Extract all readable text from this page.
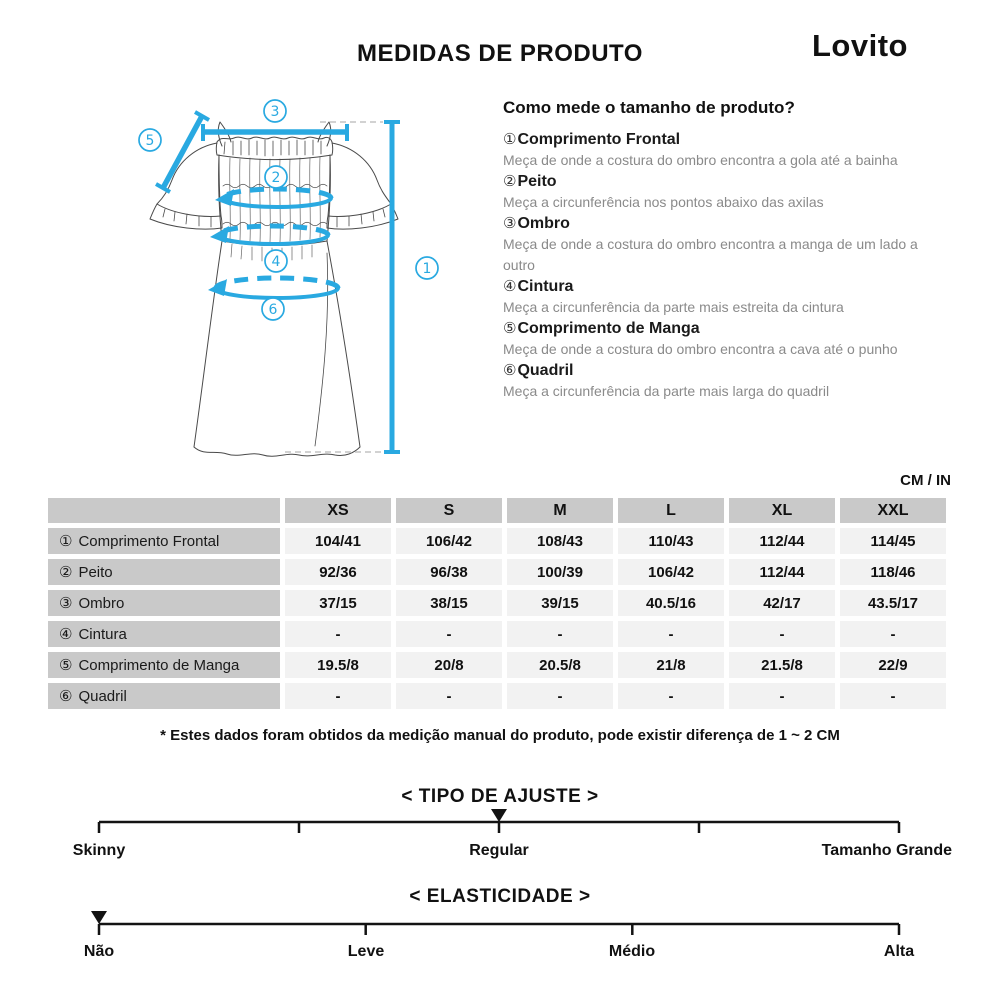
MEDIDAS DE PRODUTO	Lovito
3
5
2
4
6
1
Como mede o tamanho de produto?
①Comprimento Frontal
Meça de onde a costura do ombro encontra a gola até a bainha
②Peito
Meça a circunferência nos pontos abaixo das axilas
③Ombro
Meça de onde a costura do ombro encontra a manga de um lado a outro
④Cintura
Meça a circunferência da parte mais estreita da cintura
⑤Comprimento de Manga
Meça de onde a costura do ombro encontra a cava até o punho
⑥Quadril
Meça a circunferência da parte mais larga do quadril
CM / IN
	XS	S	M	L	XL	XXL
① Comprimento Frontal	104/41	106/42	108/43	110/43	112/44	114/45
② Peito	92/36	96/38	100/39	106/42	112/44	118/46
③ Ombro	37/15	38/15	39/15	40.5/16	42/17	43.5/17
④ Cintura	-	-	-	-	-	-
⑤ Comprimento de Manga	19.5/8	20/8	20.5/8	21/8	21.5/8	22/9
⑥ Quadril	-	-	-	-	-	-
* Estes dados foram obtidos da medição manual do produto, pode existir diferença de 1 ~ 2 CM
< TIPO DE AJUSTE >
Skinny	Regular	Tamanho Grande
< ELASTICIDADE >
Não	Leve	Médio	Alta
